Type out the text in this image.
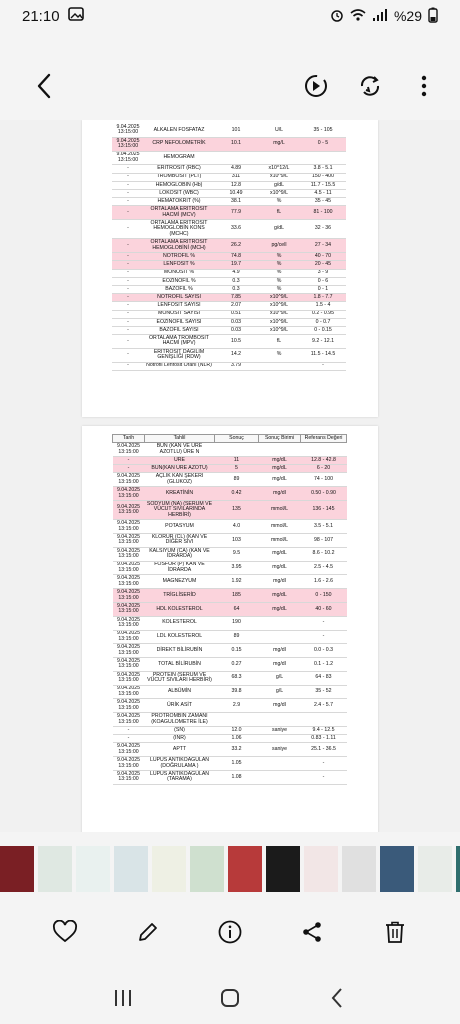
21:10	%29
9.04.2025 13:15:00	ALKALEN FOSFATAZ	101	U/L	35 - 105
9.04.2025 13:15:00	CRP NEFOLOMETRİK	10.1	mg/L	0 - 5
9.04.2025 13:15:00	HEMOGRAM			
-	ERİTROSİT (RBC)	4.89	x10^12/L	3.8 - 5.1
-	TROMBOSİT (PLT)	311	x10^9/L	150 - 400
-	HEMOGLOBİN (Hb)	12.8	g/dL	11.7 - 15.5
-	LÖKOSİT (WBC)	10.49	x10^9/L	4.5 - 11
-	HEMATOKRİT (%)	38.1	%	35 - 45
-	ORTALAMA ERİTROSİT HACMİ (MCV)	77.9	fL	81 - 100
-	ORTALAMA ERİTROSİT HEMOGLOBİN KONS (MCHC)	33.6	g/dL	32 - 36
-	ORTALAMA ERİTROSİT HEMOGLOBİNİ (MCH)	26.2	pg/cell	27 - 34
-	NÖTROFİL %	74.8	%	40 - 70
-	LENFOSİT %	19.7	%	20 - 45
-	MONOSİT %	4.9	%	3 - 9
-	EOZİNOFİL %	0.3	%	0 - 6
-	BAZOFİL %	0.3	%	0 - 1
-	NÖTROFİL SAYISI	7.85	x10^9/L	1.8 - 7.7
-	LENFOSİT SAYISI	2.07	x10^9/L	1.5 - 4
-	MONOSİT SAYISI	0.51	x10^9/L	0.2 - 0.95
-	EOZİNOFİL SAYISI	0.03	x10^9/L	0 - 0.7
-	BAZOFİL SAYISI	0.03	x10^9/L	0 - 0.15
-	ORTALAMA TROMBOSİT HACMİ (MPV)	10.5	fL	9.2 - 12.1
-	ERİTROSİT DAĞILIM GENİŞLİĞİ (RDW)	14.2	%	11.5 - 14.5
-	Nötrofil Lenfosit Oranı (NLR)	3.79		-
Tarih	Tahlil	Sonuç	Sonuç Birimi	Referans Değeri
9.04.2025 13:15:00	BUN (KAN VE ÜRE AZOTLU) ÜRE N			
-	ÜRE	11	mg/dL	12.8 - 42.8
-	BUN(KAN ÜRE AZOTU)	5	mg/dL	6 - 20
9.04.2025 13:15:00	AÇLIK KAN ŞEKERİ (GLUKOZ)	89	mg/dL	74 - 100
9.04.2025 13:15:00	KREATİNİN	0.42	mg/dl	0.50 - 0.90
9.04.2025 13:15:00	SODYUM (NA) (SERUM VE VÜCUT SIVILARINDA HERBİRİ)	135	mmol/L	136 - 145
9.04.2025 13:15:00	POTASYUM	4.0	mmol/L	3.5 - 5.1
9.04.2025 13:15:00	KLORÜR (CL) (KAN VE DİĞER SIVI	103	mmol/L	98 - 107
9.04.2025 13:15:00	KALSİYUM (CA) (KAN VE İDRARDA)	9.5	mg/dL	8.6 - 10.2
9.04.2025 13:15:00	FOSFOR (P) KAN VE İDRARDA	3.95	mg/dL	2.5 - 4.5
9.04.2025 13:15:00	MAGNEZYUM	1.92	mg/dl	1.6 - 2.6
9.04.2025 13:15:00	TRİGLİSERİD	185	mg/dL	0 - 150
9.04.2025 13:15:00	HDL KOLESTEROL	64	mg/dL	40 - 60
9.04.2025 13:15:00	KOLESTEROL	190		-
9.04.2025 13:15:00	LDL KOLESTEROL	89		-
9.04.2025 13:15:00	DİREKT BİLİRUBİN	0.15	mg/dl	0.0 - 0.3
9.04.2025 13:15:00	TOTAL BİLİRUBİN	0.27	mg/dl	0.1 - 1.2
9.04.2025 13:15:00	PROTEİN (SERUM VE VÜCUT SIVILARI HERBİRİ)	68.3	g/L	64 - 83
9.04.2025 13:15:00	ALBÜMİN	39.8	g/L	35 - 52
9.04.2025 13:15:00	ÜRİK ASİT	2.9	mg/dl	2.4 - 5.7
9.04.2025 13:15:00	PROTROMBİN ZAMANI (KOAGULOMETRE İLE)			
-	(SN)	12.0	saniye	9.4 - 12.5
-	(INR)	1.06		0.83 - 1.11
9.04.2025 13:15:00	APTT	33.2	saniye	25.1 - 36.5
9.04.2025 13:15:00	LUPUS ANTİKOAGULAN (DOĞRULAMA )	1.05		-
9.04.2025 13:15:00	LUPUS ANTİKOAGULAN (TARAMA)	1.08		-
